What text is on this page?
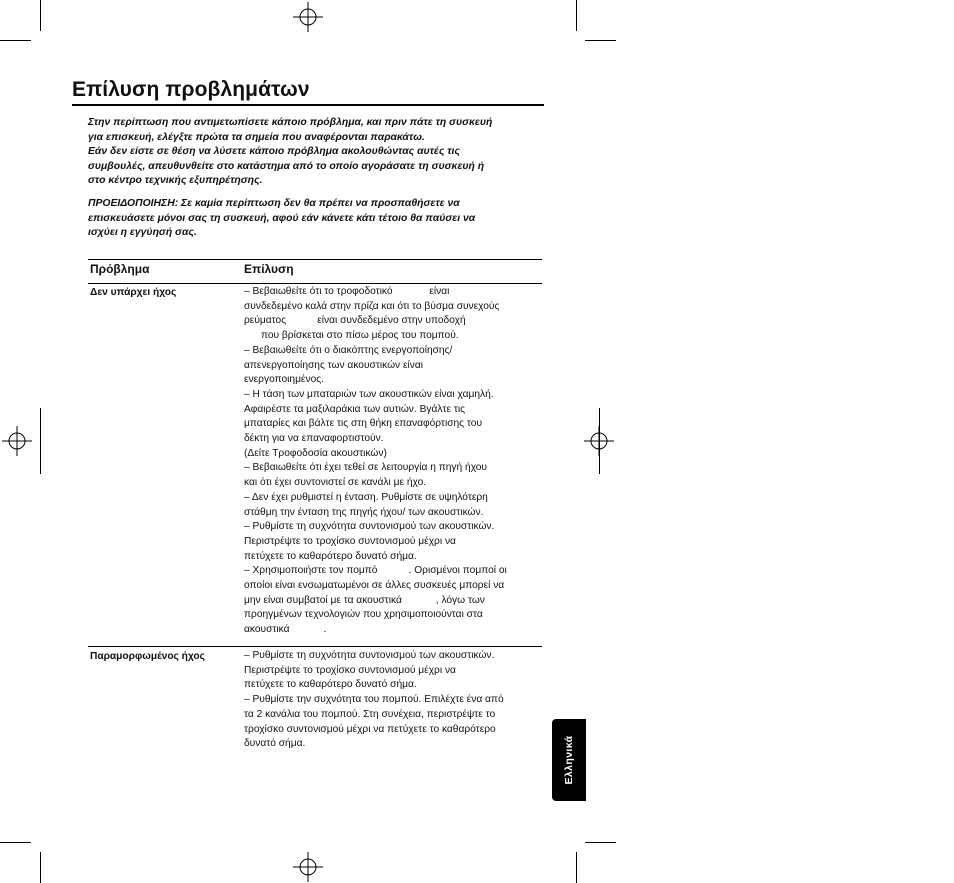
Επίλυση προβλημάτων

Στην περίπτωση που αντιμετωπίσετε κάποιο πρόβλημα, και πριν πάτε τη συσκευή

για επισκευή, ελέγξτε πρώτα τα σημεία που αναφέρονται παρακάτω.

Εάν δεν είστε σε θέση να λύσετε κάποιο πρόβλημα ακολουθώντας αυτές τις

συμβουλές, απευθυνθείτε στο κατάστημα από το οποίο αγοράσατε τη συσκευή ή

στο κέντρο τεχνικής εξυπηρέτησης.

ΠΡΟΕΙΔΟΠΟΙΗΣΗ: Σε καμία περίπτωση δεν θα πρέπει να προσπαθήσετε να

επισκευάσετε μόνοι σας τη συσκευή, αφού εάν κάνετε κάτι τέτοιο θα παύσει να

ισχύει η εγγύησή σας.

Πρόβλημα	Επίλυση
Δεν υπάρχει ήχος	– Βεβαιωθείτε ότι το τροφοδοτικό             είναι
συνδεδεμένο καλά στην πρίζα και ότι το βύσμα συνεχούς
ρεύματος           είναι συνδεδεμένο στην υποδοχή
που βρίσκεται στο πίσω μέρος του πομπού.
– Βεβαιωθείτε ότι ο διακόπτης ενεργοποίησης/
απενεργοποίησης των ακουστικών είναι
ενεργοποιημένος.
– Η τάση των μπαταριών των ακουστικών είναι χαμηλή.
Αφαιρέστε τα μαξιλαράκια των αυτιών. Βγάλτε τις
μπαταρίες και βάλτε τις στη θήκη επαναφόρτισης του
δέκτη για να επαναφορτιστούν.
(Δείτε Τροφοδοσία ακουστικών)
– Βεβαιωθείτε ότι έχει τεθεί σε λειτουργία η πηγή ήχου
και ότι έχει συντονιστεί σε κανάλι με ήχο.
– Δεν έχει ρυθμιστεί η ένταση. Ρυθμίστε σε υψηλότερη
στάθμη την ένταση της πηγής ήχου/ των ακουστικών.
– Ρυθμίστε τη συχνότητα συντονισμού των ακουστικών.
Περιστρέψτε το τροχίσκο συντονισμού μέχρι να
πετύχετε το καθαρότερο δυνατό σήμα.
– Χρησιμοποιήστε τον πομπό           . Ορισμένοι πομποί οι
οποίοι είναι ενσωματωμένοι σε άλλες συσκευές μπορεί να
μην είναι συμβατοί με τα ακουστικά            , λόγω των
προηγμένων τεχνολογιών που χρησιμοποιούνται στα
ακουστικά            .
Παραμορφωμένος ήχος	– Ρυθμίστε τη συχνότητα συντονισμού των ακουστικών.
Περιστρέψτε το τροχίσκο συντονισμού μέχρι να
πετύχετε το καθαρότερο δυνατό σήμα.
– Ρυθμίστε την συχνότητα του πομπού. Επιλέχτε ένα από
τα 2 κανάλια του πομπού. Στη συνέχεια, περιστρέψτε το
τροχίσκο συντονισμού μέχρι να πετύχετε το καθαρότερο
δυνατό σήμα.	Ελληνικά
